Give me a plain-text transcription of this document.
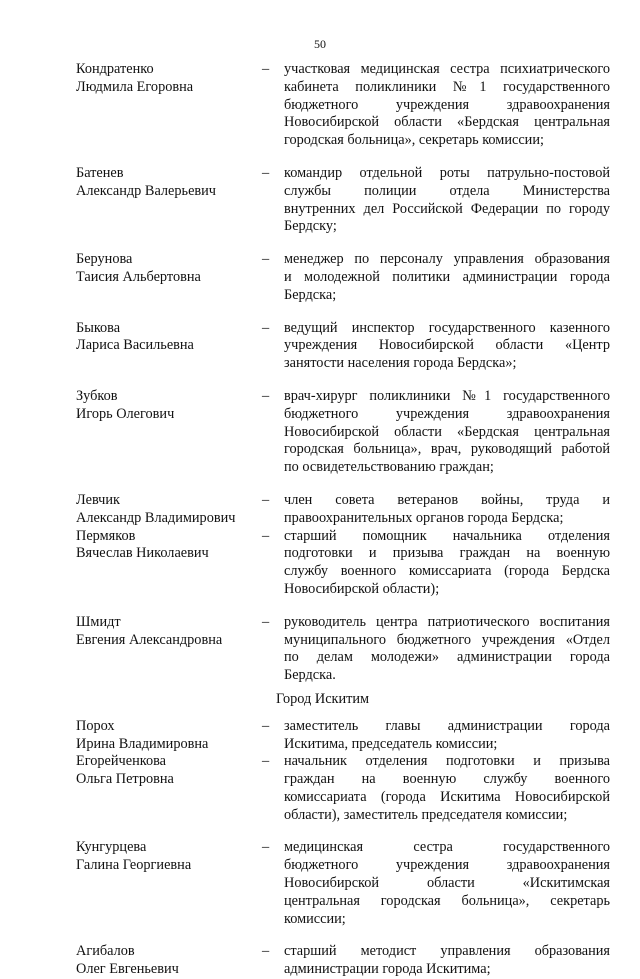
50
Кондратенко
Людмила Егоровна
–	участковая медицинская сестра психиатрического
кабинета поликлиники №1 государственного
бюджетного учреждения здравоохранения
Новосибирской области «Бердская центральная
городская больница», секретарь комиссии;
Батенев
Александр Валерьевич
–	командир отдельной роты патрульно-постовой
службы полиции отдела Министерства
внутренних дел Российской Федерации по городу
Бердску;
Берунова
Таисия Альбертовна
–	менеджер по персоналу управления образования
и молодежной политики администрации города
Бердска;
Быкова
Лариса Васильевна
–	ведущий инспектор государственного казенного
учреждения Новосибирской области «Центр
занятости населения города Бердска»;
Зубков
Игорь Олегович
–	врач-хирург поликлиники №1 государственного
бюджетного учреждения здравоохранения
Новосибирской области «Бердская центральная
городская больница», врач, руководящий работой
по освидетельствованию граждан;
Левчик
Александр Владимирович
–	член совета ветеранов войны, труда и
правоохранительных органов города Бердска;
Пермяков
Вячеслав Николаевич
–	старший помощник начальника отделения
подготовки и призыва граждан на военную
службу военного комиссариата (города Бердска
Новосибирской области);
Шмидт
Евгения Александровна
–	руководитель центра патриотического воспитания
муниципального бюджетного учреждения «Отдел
по делам молодежи» администрации города
Бердска.
Город Искитим
Порох
Ирина Владимировна
–	заместитель главы администрации города
Искитима, председатель комиссии;
Егорейченкова
Ольга Петровна
–	начальник отделения подготовки и призыва
граждан на военную службу военного
комиссариата (города Искитима Новосибирской
области), заместитель председателя комиссии;
Кунгурцева
Галина Георгиевна
–	медицинская сестра государственного
бюджетного учреждения здравоохранения
Новосибирской области «Искитимская
центральная городская больница», секретарь
комиссии;
Агибалов
Олег Евгеньевич
–	старший методист управления образования
администрации города Искитима;
